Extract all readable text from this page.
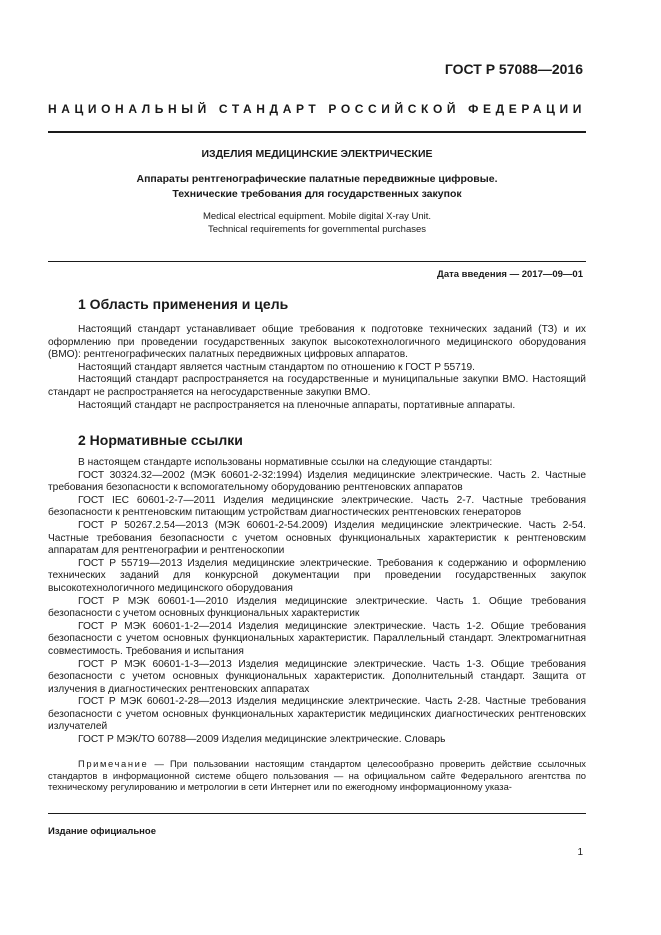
ГОСТ Р 57088—2016
НАЦИОНАЛЬНЫЙ СТАНДАРТ РОССИЙСКОЙ ФЕДЕРАЦИИ
ИЗДЕЛИЯ МЕДИЦИНСКИЕ ЭЛЕКТРИЧЕСКИЕ
Аппараты рентгенографические палатные передвижные цифровые.
Технические требования для государственных закупок
Medical electrical equipment. Mobile digital X-ray Unit.
Technical requirements for governmental purchases
Дата введения — 2017—09—01
1 Область применения и цель

Настоящий стандарт устанавливает общие требования к подготовке технических заданий (ТЗ) и их оформлению при проведении государственных закупок высокотехнологичного медицинского оборудования (ВМО): рентгенографических палатных передвижных цифровых аппаратов.

Настоящий стандарт является частным стандартом по отношению к ГОСТ Р 55719.

Настоящий стандарт распространяется на государственные и муниципальные закупки ВМО. Настоящий стандарт не распространяется на негосударственные закупки ВМО.

Настоящий стандарт не распространяется на пленочные аппараты, портативные аппараты.

2 Нормативные ссылки

В настоящем стандарте использованы нормативные ссылки на следующие стандарты:

ГОСТ 30324.32—2002 (МЭК 60601-2-32:1994) Изделия медицинские электрические. Часть 2. Частные требования безопасности к вспомогательному оборудованию рентгеновских аппаратов

ГОСТ IEC 60601-2-7—2011 Изделия медицинские электрические. Часть 2-7. Частные требования безопасности к рентгеновским питающим устройствам диагностических рентгеновских генераторов

ГОСТ Р 50267.2.54—2013 (МЭК 60601-2-54.2009) Изделия медицинские электрические. Часть 2-54. Частные требования безопасности с учетом основных функциональных характеристик к рентгеновским аппаратам для рентгенографии и рентгеноскопии

ГОСТ Р 55719—2013 Изделия медицинские электрические. Требования к содержанию и оформлению технических заданий для конкурсной документации при проведении государственных закупок высокотехнологичного медицинского оборудования

ГОСТ Р МЭК 60601-1—2010 Изделия медицинские электрические. Часть 1. Общие требования безопасности с учетом основных функциональных характеристик

ГОСТ Р МЭК 60601-1-2—2014 Изделия медицинские электрические. Часть 1-2. Общие требования безопасности с учетом основных функциональных характеристик. Параллельный стандарт. Электромагнитная совместимость. Требования и испытания

ГОСТ Р МЭК 60601-1-3—2013 Изделия медицинские электрические. Часть 1-3. Общие требования безопасности с учетом основных функциональных характеристик. Дополнительный стандарт. Защита от излучения в диагностических рентгеновских аппаратах

ГОСТ Р МЭК 60601-2-28—2013 Изделия медицинские электрические. Часть 2-28. Частные требования безопасности с учетом основных функциональных характеристик медицинских диагностических рентгеновских излучателей

ГОСТ Р МЭК/ТО 60788—2009 Изделия медицинские электрические. Словарь

Примечание — При пользовании настоящим стандартом целесообразно проверить действие ссылочных стандартов в информационной системе общего пользования — на официальном сайте Федерального агентства по техническому регулированию и метрологии в сети Интернет или по ежегодному информационному указа-

Издание официальное
1
